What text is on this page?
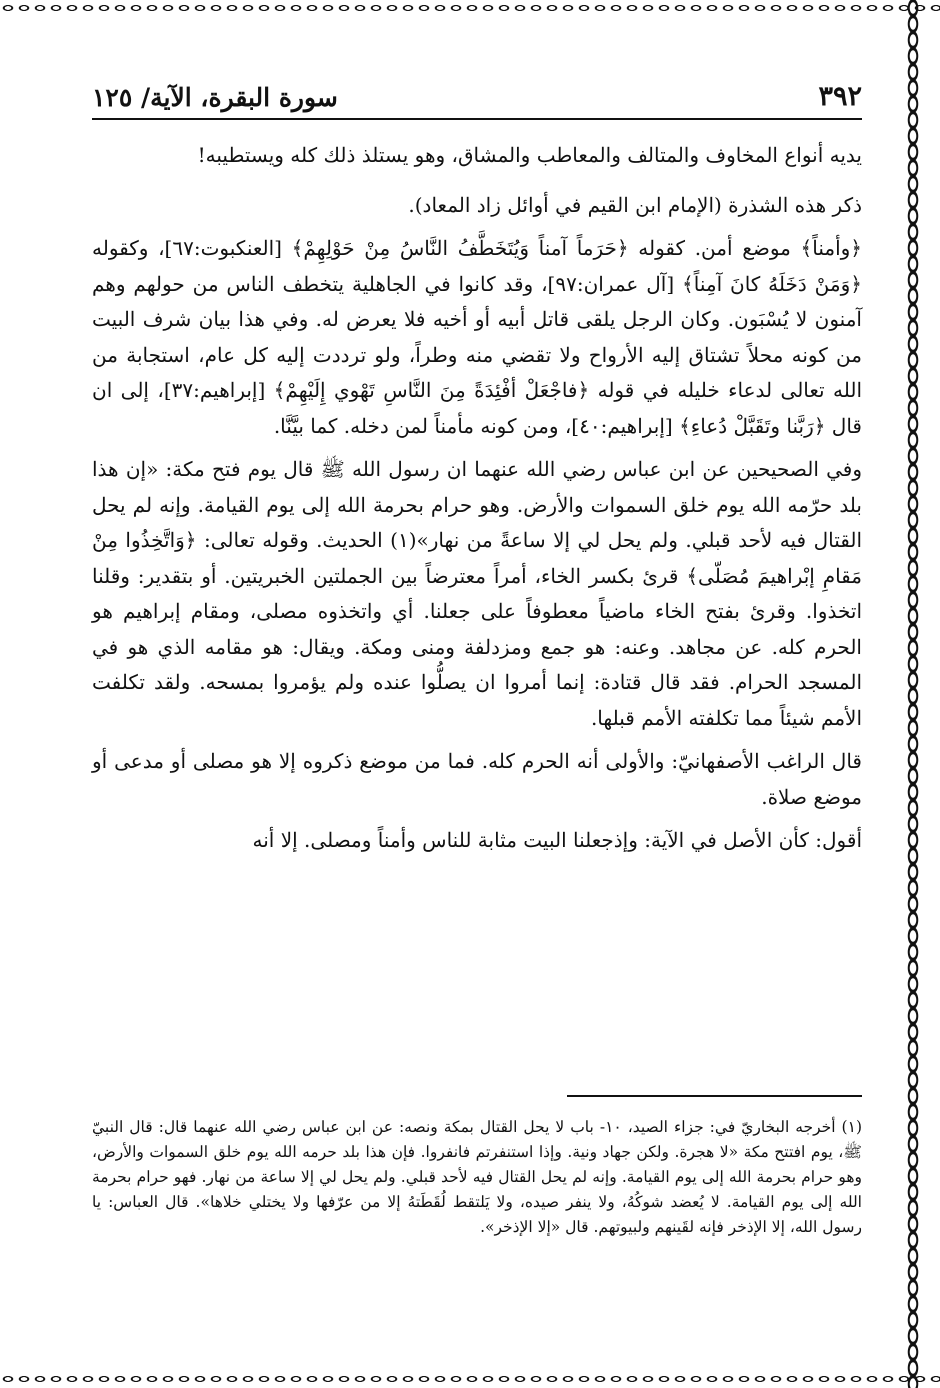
٣٩٢
سورة البقرة، الآية/ ١٢٥

يديه أنواع المخاوف والمتالف والمعاطب والمشاق، وهو يستلذ ذلك كله ويستطيبه!

ذكر هذه الشذرة (الإمام ابن القيم في أوائل زاد المعاد).

﴿وأمناً﴾ موضع أمن. كقوله ﴿حَرَماً آمناً وَيُتَخَطَّفُ النَّاسُ مِنْ حَوْلِهِمْ﴾ [العنكبوت:٦٧]، وكقوله ﴿وَمَنْ دَخَلَهُ كانَ آمِناً﴾ [آل عمران:٩٧]، وقد كانوا في الجاهلية يتخطف الناس من حولهم وهم آمنون لا يُسْبَون. وكان الرجل يلقى قاتل أبيه أو أخيه فلا يعرض له. وفي هذا بيان شرف البيت من كونه محلاً تشتاق إليه الأرواح ولا تقضي منه وطراً، ولو ترددت إليه كل عام، استجابة من الله تعالى لدعاء خليله في قوله ﴿فاجْعَلْ أفْئِدَةً مِنَ النَّاسِ تَهْوي إِلَيْهِمْ﴾ [إبراهيم:٣٧]، إلى ان قال ﴿رَبَّنا وتَقَبَّلْ دُعاءِ﴾ [إبراهيم:٤٠]، ومن كونه مأمناً لمن دخله. كما بيَّنَّا.

وفي الصحيحين عن ابن عباس رضي الله عنهما ان رسول الله ﷺ قال يوم فتح مكة: «إن هذا بلد حرّمه الله يوم خلق السموات والأرض. وهو حرام بحرمة الله إلى يوم القيامة. وإنه لم يحل القتال فيه لأحد قبلي. ولم يحل لي إلا ساعةً من نهار»(١) الحديث. وقوله تعالى: ﴿وَاتَّخِذُوا مِنْ مَقامِ إبْراهيمَ مُصَلّى﴾ قرئ بكسر الخاء، أمراً معترضاً بين الجملتين الخبريتين. أو بتقدير: وقلنا اتخذوا. وقرئ بفتح الخاء ماضياً معطوفاً على جعلنا. أي واتخذوه مصلى، ومقام إبراهيم هو الحرم كله. عن مجاهد. وعنه: هو جمع ومزدلفة ومنى ومكة. ويقال: هو مقامه الذي هو في المسجد الحرام. فقد قال قتادة: إنما أمروا ان يصلُّوا عنده ولم يؤمروا بمسحه. ولقد تكلفت الأمم شيئاً مما تكلفته الأمم قبلها.

قال الراغب الأصفهانيّ: والأولى أنه الحرم كله. فما من موضع ذكروه إلا هو مصلى أو مدعى أو موضع صلاة.

أقول: كأن الأصل في الآية: وإذجعلنا البيت مثابة للناس وأمناً ومصلى. إلا أنه

(١) أخرجه البخاريّ في: جزاء الصيد، ١٠- باب لا يحل القتال بمكة ونصه: عن ابن عباس رضي الله عنهما قال: قال النبيّ ﷺ، يوم افتتح مكة «لا هجرة. ولكن جهاد ونية. وإذا استنفرتم فانفروا. فإن هذا بلد حرمه الله يوم خلق السموات والأرض، وهو حرام بحرمة الله إلى يوم القيامة. وإنه لم يحل القتال فيه لأحد قبلي. ولم يحل لي إلا ساعة من نهار. فهو حرام بحرمة الله إلى يوم القيامة. لا يُعضد شوكُهُ، ولا ينفر صيده، ولا يَلتقط لُقَطَتهُ إلا من عرّفها ولا يختلي خلاها». قال العباس: يا رسول الله، إلا الإذخر فإنه لقَينهم ولبيوتهم. قال «إلا الإذخر».
